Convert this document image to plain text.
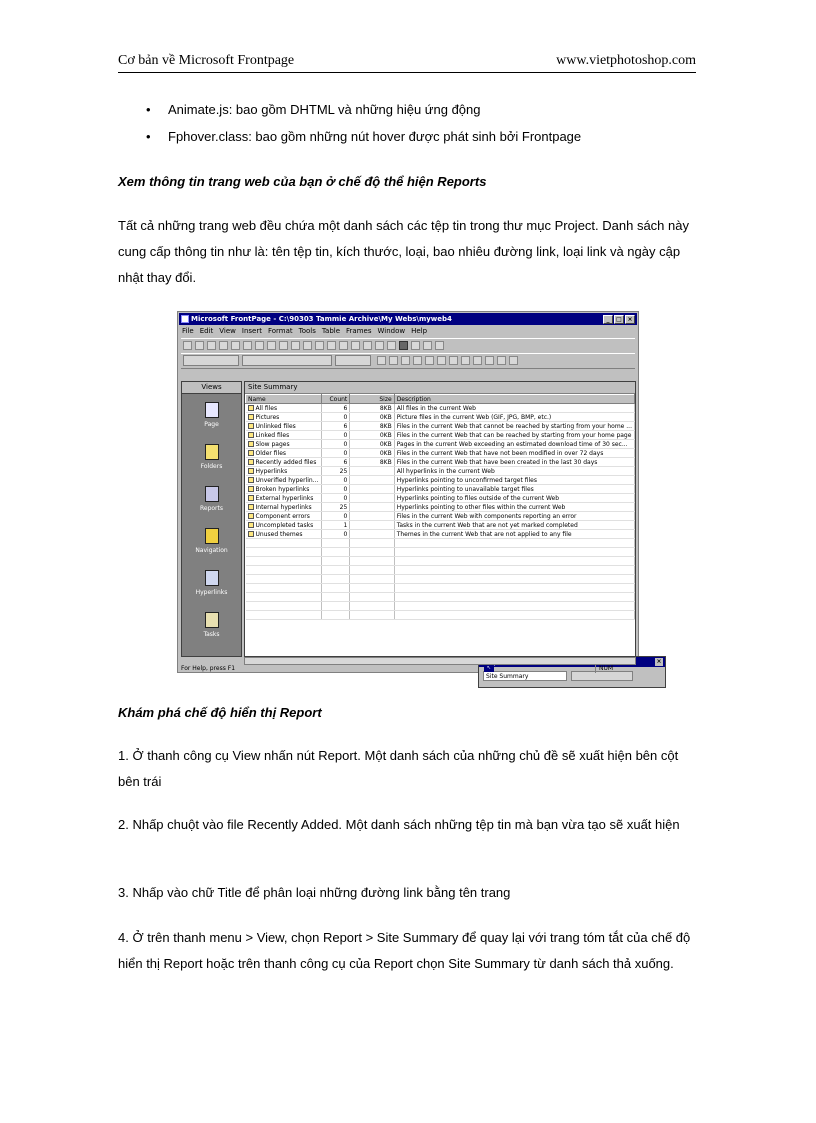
Cơ bản về Microsoft Frontpage	www.vietphotoshop.com
• Animate.js: bao gồm DHTML và những hiệu ứng động
• Fphover.class: bao gồm những nút hover được phát sinh bởi Frontpage
Xem thông tin trang web của bạn ở chế độ thể hiện Reports
Tất cả những trang web đều chứa một danh sách các tệp tin trong thư mục Project. Danh sách này cung cấp thông tin như là: tên tệp tin, kích thước, loại, bao nhiêu đường link, loại link và ngày cập nhật thay đổi.
Microsoft FrontPage - C:\90303 Tammie Archive\My Webs\myweb4	_	□ ×
File Edit View Insert Format Tools Table Frames Window Help
Views
Page
Folders
Reports
Navigation
Hyperlinks
Tasks
Site Summary
Name	Count	Size	Description
All files	6	8KB	All files in the current Web
Pictures	0	0KB	Picture files in the current Web (GIF, JPG, BMP, etc.)
Unlinked files	6	8KB	Files in the current Web that cannot be reached by starting from your home ...
Linked files	0	0KB	Files in the current Web that can be reached by starting from your home page
Slow pages	0	0KB	Pages in the current Web exceeding an estimated download time of 30 sec...
Older files	0	0KB	Files in the current Web that have not been modified in over 72 days
Recently added files	6	8KB	Files in the current Web that have been created in the last 30 days
Hyperlinks	25		All hyperlinks in the current Web
Unverified hyperlin...	0		Hyperlinks pointing to unconfirmed target files
Broken hyperlinks	0		Hyperlinks pointing to unavailable target files
External hyperlinks	0		Hyperlinks pointing to files outside of the current Web
Internal hyperlinks	25		Hyperlinks pointing to other files within the current Web
Component errors	0		Files in the current Web with components reporting an error
Uncompleted tasks	1		Tasks in the current Web that are not yet marked completed
Unused themes	0		Themes in the current Web that are not applied to any file

×
Site Summary
For Help, press F1	↖	NUM
Khám phá chế độ hiển thị Report
1. Ở thanh công cụ View nhấn nút Report. Một danh sách của những chủ đề sẽ xuất hiện bên cột bên trái
2. Nhấp chuột vào file Recently Added. Một danh sách những tệp tin mà bạn vừa tạo sẽ xuất hiện
3. Nhấp vào chữ Title để phân loại những đường link bằng tên trang
4. Ở trên thanh menu > View, chọn Report > Site Summary để quay lại với trang tóm tắt của chế độ hiển thị Report hoặc trên thanh công cụ của Report chọn Site Summary từ danh sách thả xuống.
